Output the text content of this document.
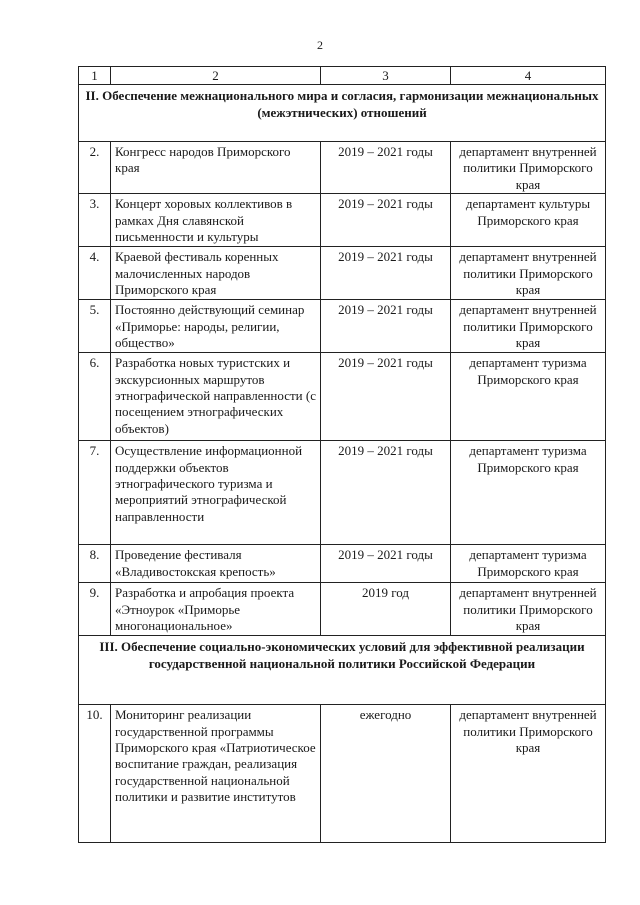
2
1	2	3	4
II. Обеспечение межнационального мира и согласия, гармонизации межнациональных (межэтнических) отношений			
2.	Конгресс народов Приморского края	2019 – 2021 годы	департамент внутренней политики Приморского края
3.	Концерт хоровых коллективов в рамках Дня славянской письменности и культуры	2019 – 2021 годы	департамент культуры Приморского края
4.	Краевой фестиваль коренных малочисленных народов Приморского края	2019 – 2021 годы	департамент внутренней политики Приморского края
5.	Постоянно действующий семинар «Приморье: народы, религии, общество»	2019 – 2021 годы	департамент внутренней политики Приморского края
6.	Разработка новых туристских и экскурсионных маршрутов этнографической направленности (с посещением этнографических объектов)	2019 – 2021 годы	департамент туризма Приморского края
7.	Осуществление информационной поддержки объектов этнографического туризма и мероприятий этнографической направленности	2019 – 2021 годы	департамент туризма Приморского края
8.	Проведение фестиваля «Владивостокская крепость»	2019 – 2021 годы	департамент туризма Приморского края
9.	Разработка и апробация проекта «Этноурок «Приморье многонациональное»	2019 год	департамент внутренней политики Приморского края
III. Обеспечение социально-экономических условий для эффективной реализации государственной национальной политики Российской Федерации			
10.	Мониторинг реализации государственной программы Приморского края «Патриотическое воспитание граждан, реализация государственной национальной политики и развитие институтов	ежегодно	департамент внутренней политики Приморского края
